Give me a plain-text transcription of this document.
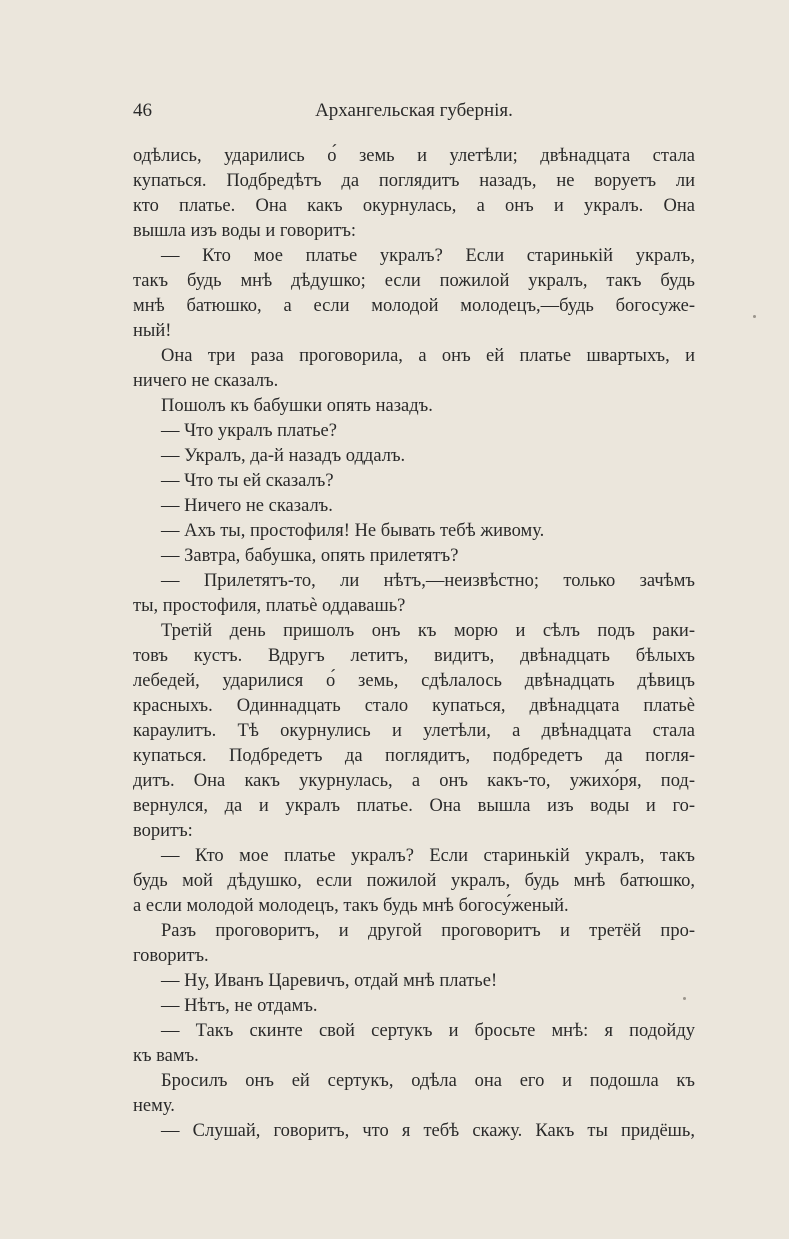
46	Архангельская губернія.
одѣлись, ударились о́ земь и улетѣли; двѣнадцата стала
купаться. Подбредѣтъ да поглядитъ назадъ, не воруетъ ли
кто платье. Она какъ окурнулась, а онъ и укралъ. Она
вышла изъ воды и говоритъ:
— Кто мое платье укралъ? Если старинькій укралъ,
такъ будь мнѣ дѣдушко; если пожилой укралъ, такъ будь
мнѣ батюшко, а если молодой молодецъ,—будь богосуже-
ный!
Она три раза проговорила, а онъ ей платье швартыхъ, и
ничего не сказалъ.
Пошолъ къ бабушки опять назадъ.
— Что укралъ платье?
— Укралъ, да-й назадъ оддалъ.
— Что ты ей сказалъ?
— Ничего не сказалъ.
— Ахъ ты, простофиля! Не бывать тебѣ живому.
— Завтра, бабушка, опять прилетятъ?
— Прилетятъ-то, ли нѣтъ,—неизвѣстно; только зачѣмъ
ты, простофиля, платьѐ оддавашь?
Третій день пришолъ онъ къ морю и сѣлъ подъ раки-
товъ кустъ. Вдругъ летитъ, видитъ, двѣнадцать бѣлыхъ
лебедей, ударилися о́ земь, сдѣлалось двѣнадцать дѣвицъ
красныхъ. Одиннадцать стало купаться, двѣнадцата платьѐ
караулитъ. Тѣ окурнулись и улетѣли, а двѣнадцата стала
купаться. Подбредетъ да поглядитъ, подбредетъ да погля-
дитъ. Она какъ укурнулась, а онъ какъ-то, ужихо́ря, под-
вернулся, да и укралъ платье. Она вышла изъ воды и го-
воритъ:
— Кто мое платье укралъ? Если старинькій укралъ, такъ
будь мой дѣдушко, если пожилой укралъ, будь мнѣ батюшко,
а если молодой молодецъ, такъ будь мнѣ богосу́женый.
Разъ проговоритъ, и другой проговоритъ и третёй про-
говоритъ.
— Ну, Иванъ Царевичъ, отдай мнѣ платье!
— Нѣтъ, не отдамъ.
— Такъ скинте свой сертукъ и бросьте мнѣ: я подойду
къ вамъ.
Бросилъ онъ ей сертукъ, одѣла она его и подошла къ
нему.
— Слушай, говоритъ, что я тебѣ скажу. Какъ ты придёшь,
